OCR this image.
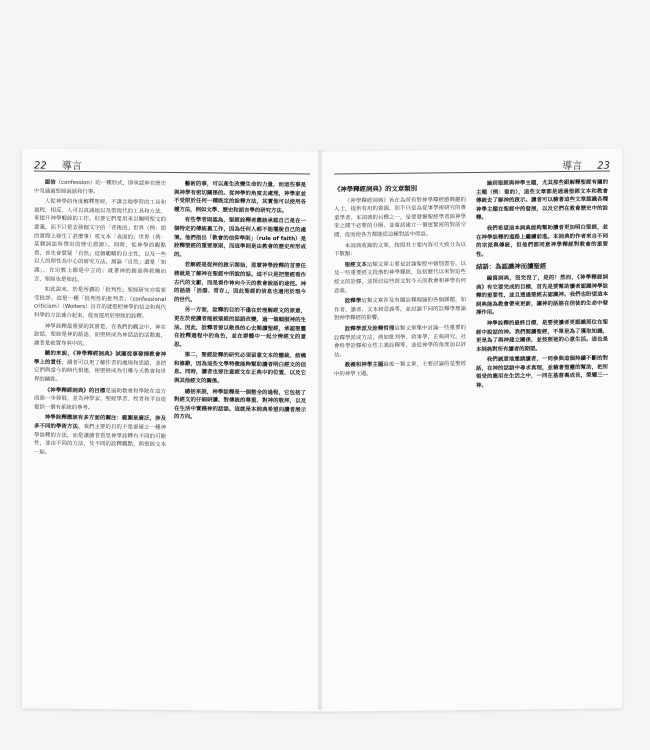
22 導言

認信（confession）的一種形式，即承認神在歷史中及通過聖經說話和行事。

人從神學的角度解釋聖經，不諱言地學習的工具和過程，相反，人可以真誠地以及借現代的工具和方法，來提升神學解經的工作。但要它們是用來以闡明聖文的意義，而不只是去發掘文字的「背後的」世界（例：即的實際上發生了甚麼事）或文本「表面的」世界（例：某個詞語所帶出的歷史淵源）。同時，從神學的觀點看，首先會質疑「自然」這個範疇的自主性，以及一些以人的理性為中心的研究方法。無論「自然」還是「知識」，在宗教上都是中立的；就著神的創造與救贖而言，聖經也是如此。

如此說來，於是所謂的「批判性」聖經研究亦需要受批評。這是一種「批判性的批判者」（confessional criticism）（Wolters）旨在的就是把神學的信念和現代科學的方法連合起來，從而運用於聖經的詮釋。

神學詮釋最重要的其實是，在我們的觀念中，神在說話，聖經是神的話語，而聖經成為神話語的活動裏，讀者是被置身其中的。

聽的來說，《神學釋經詞典》試圖從事發揮教會神學上的責任，讀者可以更了解作者的處境和思路，並把它們與當今的時代相連，使聖經成為引導今天教會和世界的鑰匙。

《神學釋經詞典》的目標是協助教會和學院在這方面進一步發展，並為神學家、聖經學者、牧者和平信徒提供一個有系統的參考。

神學詮釋應該有多方面的關注：範圍是廣泛，涉及多不同的學術方法。我們主要的目的不是要確立一種神學詮釋的方法，而是讓讀者看見神學詮釋有不同的可能性，並由不同的方法，及不同的詮釋觀點，與聖經文本一起。

藝術的事，可以產生改變生命的力量，而這些事是與神學有密切關係的。從神學的角度去處理，神學家並不受限於任何一種既定的詮釋方法，其實他可以使用各種方法，例如文學、歷史和語言學的研究方法。

有些學者則認為，聖經詮釋者應該承認自己是在一個特定的傳統裏工作，因為任何人都不能擺脫自己的處境。他們指出「教會的信仰準則」（rule of faith）是詮釋聖經的重要原則，而這準則是由教會的歷史所形成的。

若解經是從神的啟示開始，那麼神學詮釋的首要任務就是了解神在聖經中所說的話。這不只是把聖經看作古代的文獻，而是看作神向今天的教會說話的途徑。神的話語「活潑、常存」，因此聖經的信息也適用於現今的世代。

另一方面，詮釋的目的不僅在於理解經文的原意，更在於使讀者能被聖經的話語改變，過一個順服神的生活。因此，詮釋者要以敬畏的心去閱讀聖經，承認聖靈在詮釋過程中的角色，並在群體中一起分辨經文的意思。

第二，聖經詮釋的研究必須留意文本的體裁、結構和修辭，因為這些文學特徵能夠幫助讀者明白經文的信息。同時，讀者也要注意經文在正典中的位置，以及它與其他經文的關係。

總括來說，神學詮釋是一個整全的過程，它包括了對經文的仔細研讀、對傳統的尊重、對神的敬拜，以及在生活中實踐神的話語。這就是本詞典希望向讀者展示的方向。

導言 23
《神學釋經詞典》的文章類別

《神學釋經詞典》旨在為所有對神學釋經感興趣的人士，提供有用的資源，而不只是為從事學術研究的專業學者。本詞典的目標之一，是要發掘聖經學者與神學家之間不必要的分隔，並嘗試建立一個更緊密的對話空間，從而使各方都能從這種對話中得益。

本詞典收錄的文章，按照其主要內容可大致分為以下數類：

聖經文本這類文章主要是討論聖經中個別書卷，以及一些重要經文段落的神學釋經，包括歷代以來對這些經文的詮釋，並探討這些經文對今天的教會和神學有何意義。

詮釋學這類文章涉及有關詮釋理論的各個課題，如作者、讀者、文本和意義等，並討論不同的詮釋學理論對神學釋經的影響。

詮釋學派及詮釋哲理這類文章集中討論一些重要的詮釋學派或方法，例如批判學、敘事學、正典研究、社會科學詮釋和女性主義詮釋等，並從神學的角度加以評估。

教義和神學主題最後一類文章，主要討論的是聖經中的神學主題。

論到聖經與神學主題，尤其那些跟解釋聖經有關的主題（例：聖約），這些文章都是通過聖經文本和教會傳統去了解神的啟示。讀者可以藉著這些文章認識各種神學主題在聖經中的發展，以及它們在教會歷史中的詮釋。

我們希望這本詞典能夠幫助讀者更加明白聖經，並在神學詮釋的道路上繼續前進。本詞典的作者來自不同的宗派與傳統，但他們都同意神學釋經對教會的重要性。

結語：為認識神而讀聖經

編寫詞典，沒完沒了，是的！然而，《神學釋經詞典》有它要完成的目標，首先是要幫助讀者認識神學詮釋的重要性，並且透過聖經去認識神。我們也盼望這本詞典能為教會帶來更新，讓神的話語在信徒的生命中發揮作用。

神學詮釋的最終目標，是要使讀者更認識那位在聖經中說話的神。我們閱讀聖經，不單是為了獲取知識，更是為了與神建立關係，並按照祂的心意生活。這也是本詞典對所有讀者的期望。

我們誠意地邀請讀者，一同參與這個持續不斷的對話，在神的話語中尋求真理，並藉著聖靈的幫助，把所領受的應用在生活之中，一同在基督裏成長，榮耀三一神。
